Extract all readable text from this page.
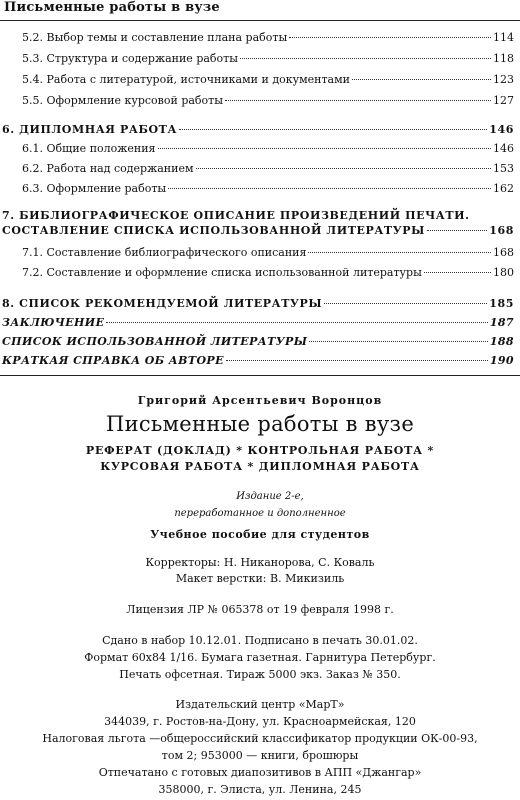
Письменные работы в вузе
5.2. Выбор темы и составление плана работы	114
5.3. Структура и содержание работы	118
5.4. Работа с литературой, источниками и документами	123
5.5. Оформление курсовой работы	127
6. ДИПЛОМНАЯ РАБОТА	146
6.1. Общие положения	146
6.2. Работа над содержанием	153
6.3. Оформление работы	162
7. БИБЛИОГРАФИЧЕСКОЕ ОПИСАНИЕ ПРОИЗВЕДЕНИЙ ПЕЧАТИ.
СОСТАВЛЕНИЕ СПИСКА ИСПОЛЬЗОВАННОЙ ЛИТЕРАТУРЫ	168
7.1. Составление библиографического описания	168
7.2. Составление и оформление списка использованной литературы	180
8. СПИСОК РЕКОМЕНДУЕМОЙ ЛИТЕРАТУРЫ	185
ЗАКЛЮЧЕНИЕ	187
СПИСОК ИСПОЛЬЗОВАННОЙ ЛИТЕРАТУРЫ	188
КРАТКАЯ СПРАВКА ОБ АВТОРЕ	190
Григорий Арсентьевич Воронцов
Письменные работы в вузе
РЕФЕРАТ (ДОКЛАД) * КОНТРОЛЬНАЯ РАБОТА *
КУРСОВАЯ РАБОТА * ДИПЛОМНАЯ РАБОТА
Издание 2-е,
переработанное и дополненное
Учебное пособие для студентов
Корректоры: Н. Никанорова, С. Коваль
Макет верстки: В. Микизиль
Лицензия ЛР № 065378 от 19 февраля 1998 г.
Сдано в набор 10.12.01. Подписано в печать 30.01.02.
Формат 60x84 1/16. Бумага газетная. Гарнитура Петербург.
Печать офсетная. Тираж 5000 экз. Заказ № 350.
Издательский центр «МарТ»
344039, г. Ростов-на-Дону, ул. Красноармейская, 120
Налоговая льгота —общероссийский классификатор продукции ОК-00-93,
том 2; 953000 — книги, брошюры
Отпечатано с готовых диапозитивов в АПП «Джангар»
358000, г. Элиста, ул. Ленина, 245
